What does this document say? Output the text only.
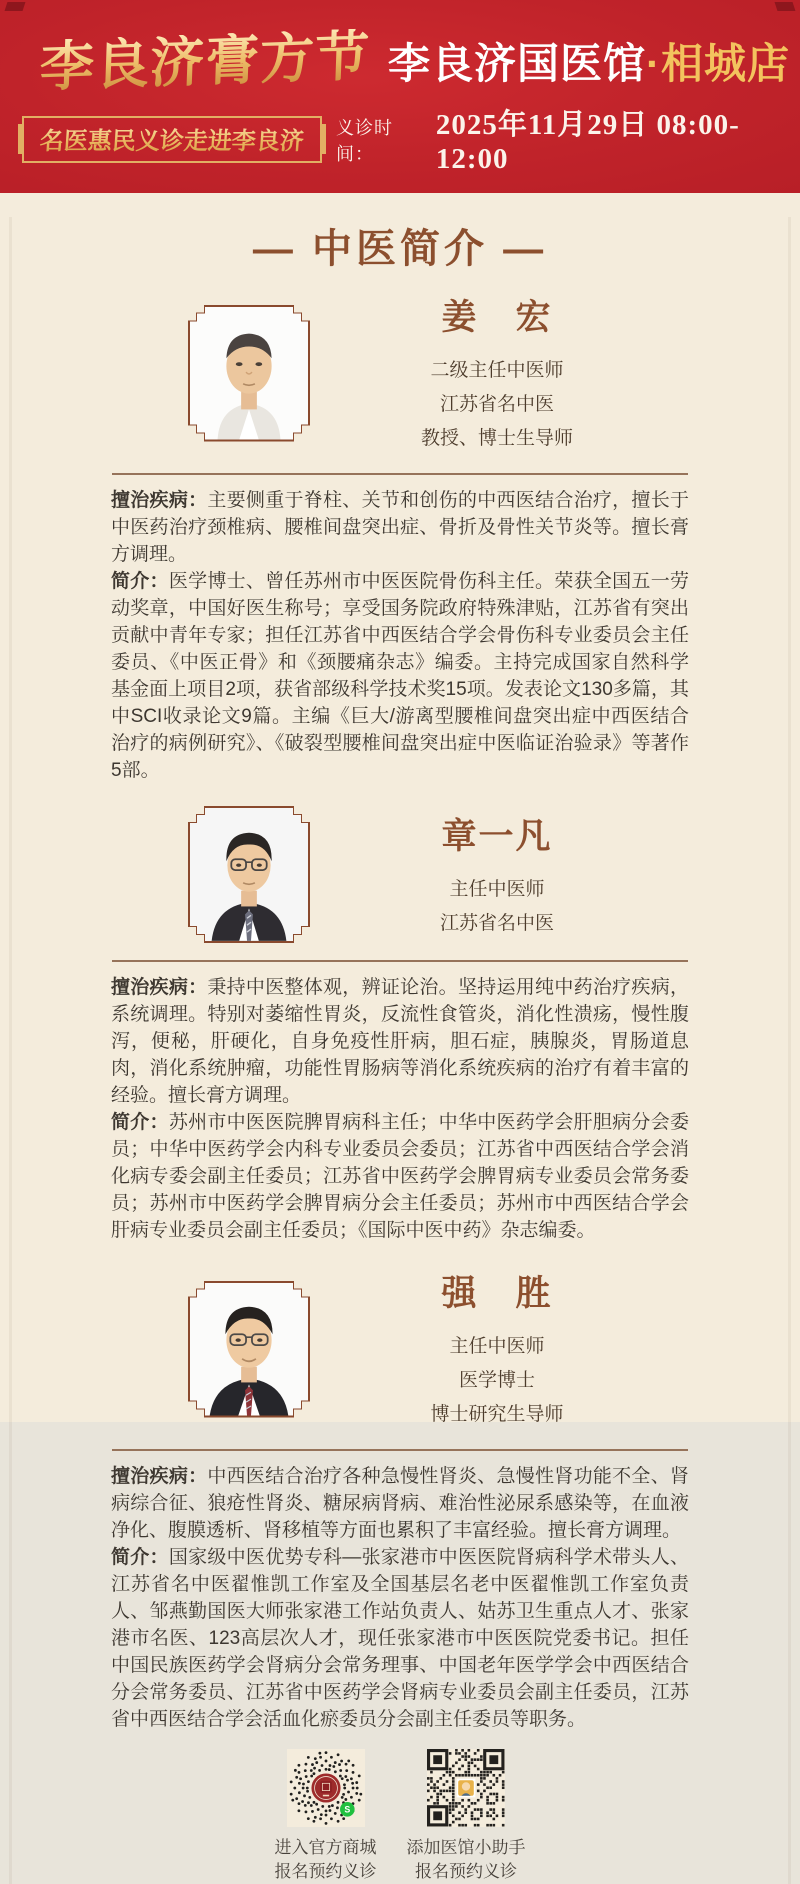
李良济膏方节 李良济国医馆·相城店
名医惠民义诊走进李良济 义诊时间：
2025年11月29日 08:00-12:00
— 中医简介 —
姜　宏
二级主任中医师
江苏省名中医
教授、博士生导师
擅治疾病：主要侧重于脊柱、关节和创伤的中西医结合治疗，擅长于中医药治疗颈椎病、腰椎间盘突出症、骨折及骨性关节炎等。擅长膏方调理。
简介：医学博士、曾任苏州市中医医院骨伤科主任。荣获全国五一劳动奖章，中国好医生称号；享受国务院政府特殊津贴，江苏省有突出贡献中青年专家；担任江苏省中西医结合学会骨伤科专业委员会主任委员、《中医正骨》和《颈腰痛杂志》编委。主持完成国家自然科学基金面上项目2项，获省部级科学技术奖15项。发表论文130多篇，其中SCI收录论文9篇。主编《巨大/游离型腰椎间盘突出症中西医结合治疗的病例研究》、《破裂型腰椎间盘突出症中医临证治验录》等著作5部。
章一凡
主任中医师
江苏省名中医
擅治疾病：秉持中医整体观，辨证论治。坚持运用纯中药治疗疾病，系统调理。特别对萎缩性胃炎，反流性食管炎，消化性溃疡，慢性腹泻，便秘，肝硬化，自身免疫性肝病，胆石症，胰腺炎，胃肠道息肉，消化系统肿瘤，功能性胃肠病等消化系统疾病的治疗有着丰富的经验。擅长膏方调理。
简介：苏州市中医医院脾胃病科主任；中华中医药学会肝胆病分会委员；中华中医药学会内科专业委员会委员；江苏省中西医结合学会消化病专委会副主任委员；江苏省中医药学会脾胃病专业委员会常务委员；苏州市中医药学会脾胃病分会主任委员；苏州市中西医结合学会肝病专业委员会副主任委员；《国际中医中药》杂志编委。
强　胜
主任中医师
医学博士
博士研究生导师
擅治疾病：中西医结合治疗各种急慢性肾炎、急慢性肾功能不全、肾病综合征、狼疮性肾炎、糖尿病肾病、难治性泌尿系感染等，在血液净化、腹膜透析、肾移植等方面也累积了丰富经验。擅长膏方调理。
简介：国家级中医优势专科—张家港市中医医院肾病科学术带头人、江苏省名中医翟惟凯工作室及全国基层名老中医翟惟凯工作室负责人、邹燕勤国医大师张家港工作站负责人、姑苏卫生重点人才、张家港市名医、123高层次人才，现任张家港市中医医院党委书记。担任中国民族医药学会肾病分会常务理事、中国老年医学学会中西医结合分会常务委员、江苏省中医药学会肾病专业委员会副主任委员，江苏省中西医结合学会活血化瘀委员分会副主任委员等职务。
S
进入官方商城
报名预约义诊
添加医馆小助手
报名预约义诊
